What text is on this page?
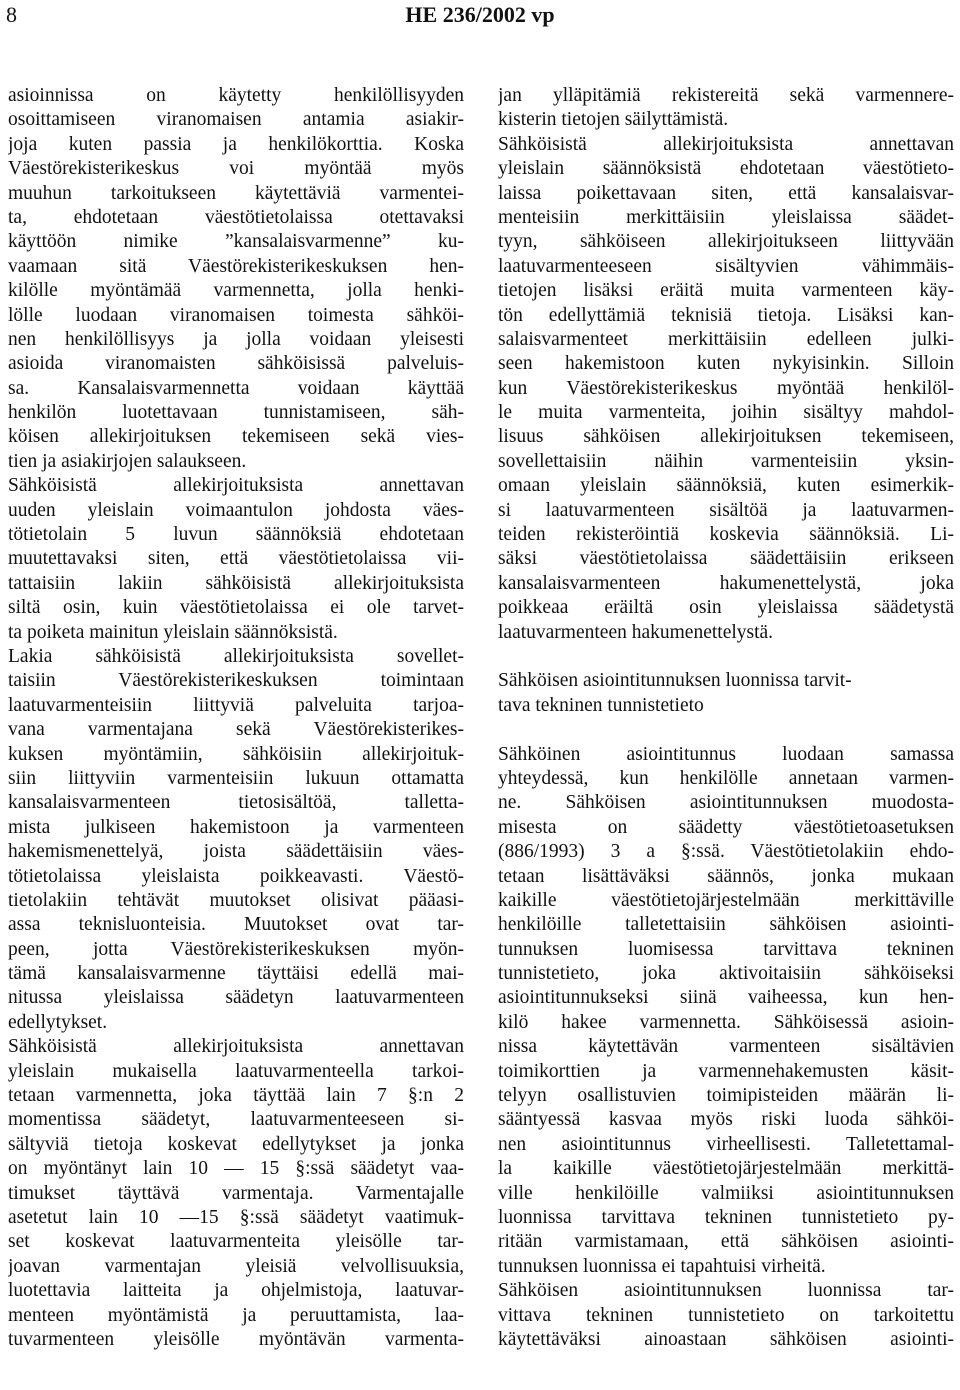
8	HE 236/2002 vp
asioinnissa on käytetty henkilöllisyyden
osoittamiseen viranomaisen antamia asiakir-
joja kuten passia ja henkilökorttia. Koska
Väestörekisterikeskus voi myöntää myös
muuhun tarkoitukseen käytettäviä varmentei-
ta, ehdotetaan väestötietolaissa otettavaksi
käyttöön nimike ”kansalaisvarmenne” ku-
vaamaan sitä Väestörekisterikeskuksen hen-
kilölle myöntämää varmennetta, jolla henki-
lölle luodaan viranomaisen toimesta sähköi-
nen henkilöllisyys ja jolla voidaan yleisesti
asioida viranomaisten sähköisissä palveluis-
sa. Kansalaisvarmennetta voidaan käyttää
henkilön luotettavaan tunnistamiseen, säh-
köisen allekirjoituksen tekemiseen sekä vies-
tien ja asiakirjojen salaukseen.
Sähköisistä allekirjoituksista annettavan
uuden yleislain voimaantulon johdosta väes-
tötietolain 5 luvun säännöksiä ehdotetaan
muutettavaksi siten, että väestötietolaissa vii-
tattaisiin lakiin sähköisistä allekirjoituksista
siltä osin, kuin väestötietolaissa ei ole tarvet-
ta poiketa mainitun yleislain säännöksistä.
Lakia sähköisistä allekirjoituksista sovellet-
taisiin Väestörekisterikeskuksen toimintaan
laatuvarmenteisiin liittyviä palveluita tarjoa-
vana varmentajana sekä Väestörekisterikes-
kuksen myöntämiin, sähköisiin allekirjoituk-
siin liittyviin varmenteisiin lukuun ottamatta
kansalaisvarmenteen tietosisältöä, talletta-
mista julkiseen hakemistoon ja varmenteen
hakemismenettelyä, joista säädettäisiin väes-
tötietolaissa yleislaista poikkeavasti. Väestö-
tietolakiin tehtävät muutokset olisivat pääasi-
assa teknisluonteisia. Muutokset ovat tar-
peen, jotta Väestörekisterikeskuksen myön-
tämä kansalaisvarmenne täyttäisi edellä mai-
nitussa yleislaissa säädetyn laatuvarmenteen
edellytykset.
Sähköisistä allekirjoituksista annettavan
yleislain mukaisella laatuvarmenteella tarkoi-
tetaan varmennetta, joka täyttää lain 7 §:n 2
momentissa säädetyt, laatuvarmenteeseen si-
sältyviä tietoja koskevat edellytykset ja jonka
on myöntänyt lain 10 — 15 §:ssä säädetyt vaa-
timukset täyttävä varmentaja. Varmentajalle
asetetut lain 10 —15 §:ssä säädetyt vaatimuk-
set koskevat laatuvarmenteita yleisölle tar-
joavan varmentajan yleisiä velvollisuuksia,
luotettavia laitteita ja ohjelmistoja, laatuvar-
menteen myöntämistä ja peruuttamista, laa-
tuvarmenteen yleisölle myöntävän varmenta-
jan ylläpitämiä rekistereitä sekä varmennere-
kisterin tietojen säilyttämistä.
Sähköisistä allekirjoituksista annettavan
yleislain säännöksistä ehdotetaan väestötieto-
laissa poikettavaan siten, että kansalaisvar-
menteisiin merkittäisiin yleislaissa säädet-
tyyn, sähköiseen allekirjoitukseen liittyvään
laatuvarmenteeseen sisältyvien vähimmäis-
tietojen lisäksi eräitä muita varmenteen käy-
tön edellyttämiä teknisiä tietoja. Lisäksi kan-
salaisvarmenteet merkittäisiin edelleen julki-
seen hakemistoon kuten nykyisinkin. Silloin
kun Väestörekisterikeskus myöntää henkilöl-
le muita varmenteita, joihin sisältyy mahdol-
lisuus sähköisen allekirjoituksen tekemiseen,
sovellettaisiin näihin varmenteisiin yksin-
omaan yleislain säännöksiä, kuten esimerkik-
si laatuvarmenteen sisältöä ja laatuvarmen-
teiden rekisteröintiä koskevia säännöksiä. Li-
säksi väestötietolaissa säädettäisiin erikseen
kansalaisvarmenteen hakumenettelystä, joka
poikkeaa eräiltä osin yleislaissa säädetystä
laatuvarmenteen hakumenettelystä.
Sähköisen asiointitunnuksen luonnissa tarvit-
tava tekninen tunnistetieto
Sähköinen asiointitunnus luodaan samassa
yhteydessä, kun henkilölle annetaan varmen-
ne. Sähköisen asiointitunnuksen muodosta-
misesta on säädetty väestötietoasetuksen
(886/1993) 3 a §:ssä. Väestötietolakiin ehdo-
tetaan lisättäväksi säännös, jonka mukaan
kaikille väestötietojärjestelmään merkittäville
henkilöille talletettaisiin sähköisen asiointi-
tunnuksen luomisessa tarvittava tekninen
tunnistetieto, joka aktivoitaisiin sähköiseksi
asiointitunnukseksi siinä vaiheessa, kun hen-
kilö hakee varmennetta. Sähköisessä asioin-
nissa käytettävän varmenteen sisältävien
toimikorttien ja varmennehakemusten käsit-
telyyn osallistuvien toimipisteiden määrän li-
sääntyessä kasvaa myös riski luoda sähköi-
nen asiointitunnus virheellisesti. Talletettamal-
la kaikille väestötietojärjestelmään merkittä-
ville henkilöille valmiiksi asiointitunnuksen
luonnissa tarvittava tekninen tunnistetieto py-
ritään varmistamaan, että sähköisen asiointi-
tunnuksen luonnissa ei tapahtuisi virheitä.
Sähköisen asiointitunnuksen luonnissa tar-
vittava tekninen tunnistetieto on tarkoitettu
käytettäväksi ainoastaan sähköisen asiointi-
